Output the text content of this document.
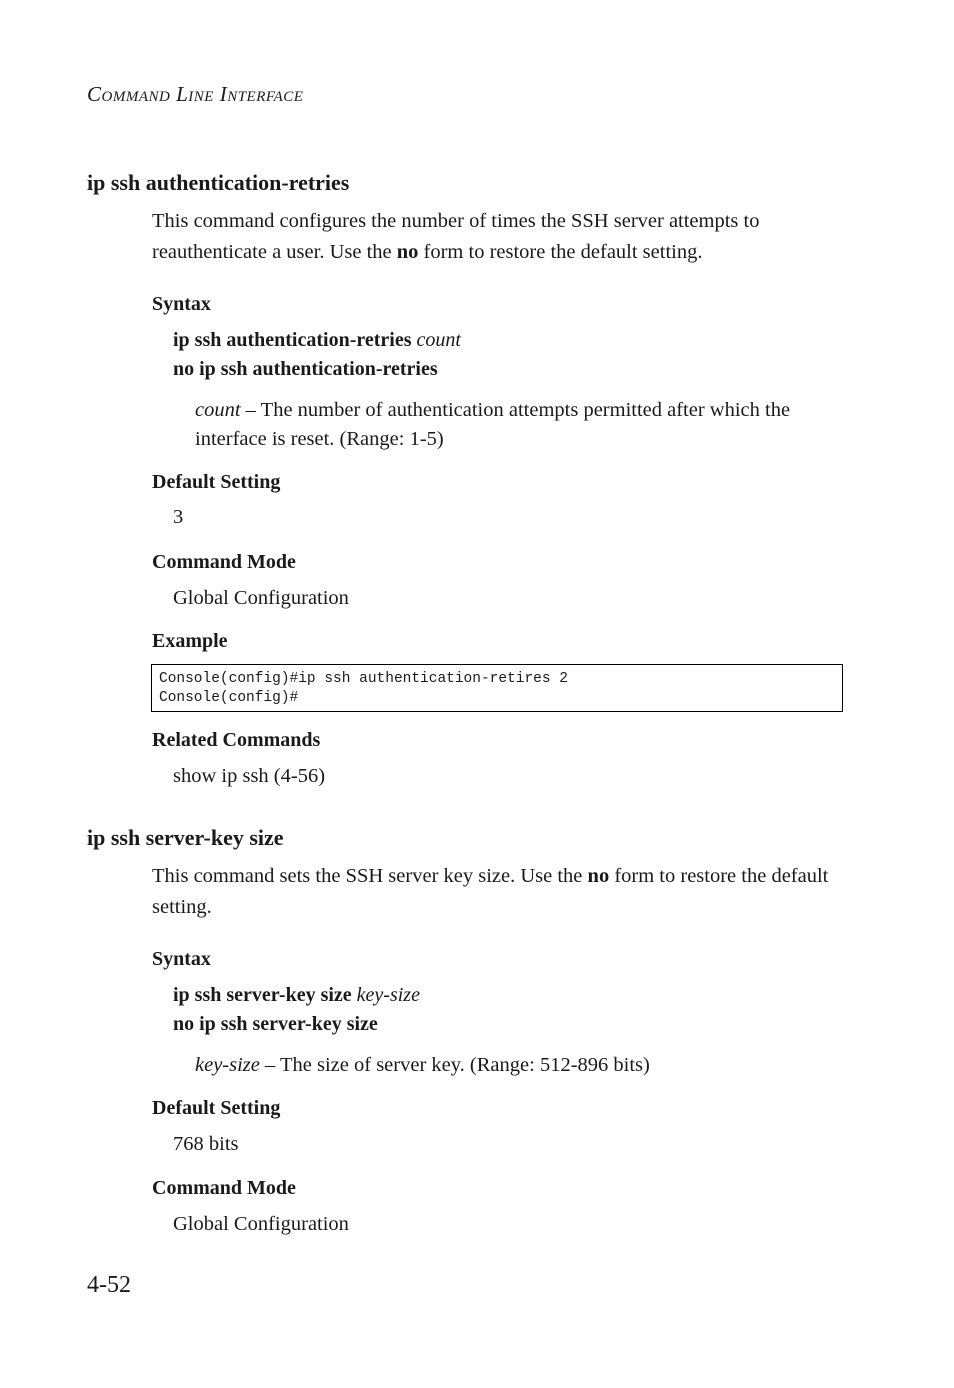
COMMAND LINE INTERFACE
ip ssh authentication-retries
This command configures the number of times the SSH server attempts to reauthenticate a user. Use the no form to restore the default setting.
Syntax
ip ssh authentication-retries count
no ip ssh authentication-retries
count – The number of authentication attempts permitted after which the interface is reset. (Range: 1-5)
Default Setting
3
Command Mode
Global Configuration
Example
Console(config)#ip ssh authentication-retires 2
Console(config)#
Related Commands
show ip ssh (4-56)
ip ssh server-key size
This command sets the SSH server key size. Use the no form to restore the default setting.
Syntax
ip ssh server-key size key-size
no ip ssh server-key size
key-size – The size of server key. (Range: 512-896 bits)
Default Setting
768 bits
Command Mode
Global Configuration
4-52
